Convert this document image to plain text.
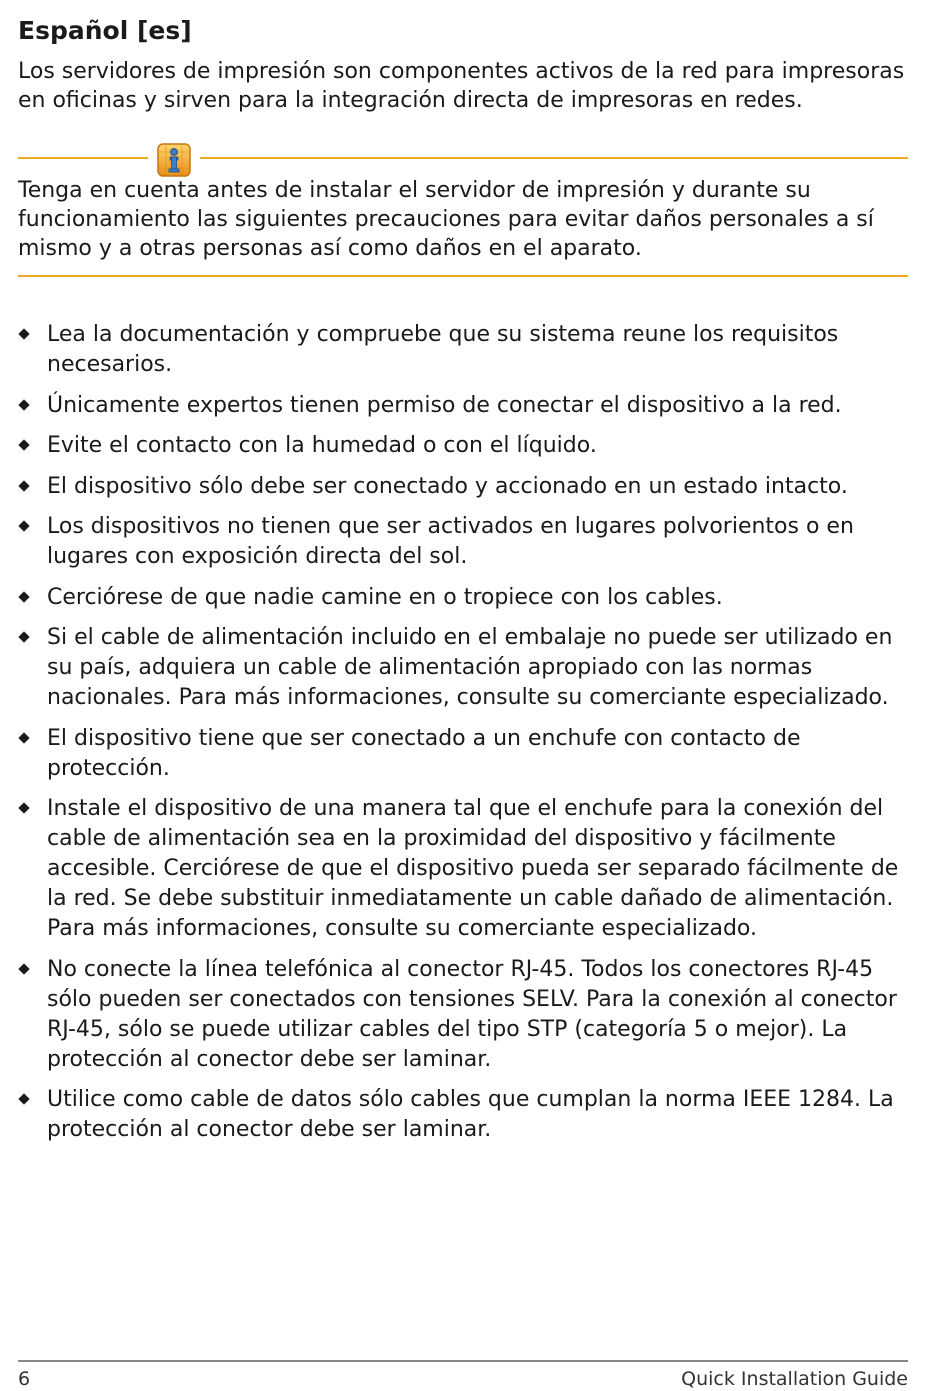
Español [es]

Los servidores de impresión son componentes activos de la red para impresoras en oficinas y sirven para la integración directa de impresoras en redes.

Tenga en cuenta antes de instalar el servidor de impresión y durante su funcionamiento las siguientes precauciones para evitar daños personales a sí mismo y a otras personas así como daños en el aparato.

Lea la documentación y compruebe que su sistema reune los requisitos necesarios.
Únicamente expertos tienen permiso de conectar el dispositivo a la red.
Evite el contacto con la humedad o con el líquido.
El dispositivo sólo debe ser conectado y accionado en un estado intacto.
Los dispositivos no tienen que ser activados en lugares polvorientos o en lugares con exposición directa del sol.
Cerciórese de que nadie camine en o tropiece con los cables.
Si el cable de alimentación incluido en el embalaje no puede ser utilizado en su país, adquiera un cable de alimentación apropiado con las normas nacionales. Para más informaciones, consulte su comerciante especializado.
El dispositivo tiene que ser conectado a un enchufe con contacto de protección.
Instale el dispositivo de una manera tal que el enchufe para la conexión del cable de alimentación sea en la proximidad del dispositivo y fácilmente accesible. Cerciórese de que el dispositivo pueda ser separado fácilmente de la red. Se debe substituir inmediatamente un cable dañado de alimentación. Para más informaciones, consulte su comerciante especializado.
No conecte la línea telefónica al conector RJ-45. Todos los conectores RJ-45 sólo pueden ser conectados con tensiones SELV. Para la conexión al conector RJ-45, sólo se puede utilizar cables del tipo STP (categoría 5 o mejor). La protección al conector debe ser laminar.
Utilice como cable de datos sólo cables que cumplan la norma IEEE 1284. La protección al conector debe ser laminar.
6	Quick Installation Guide
